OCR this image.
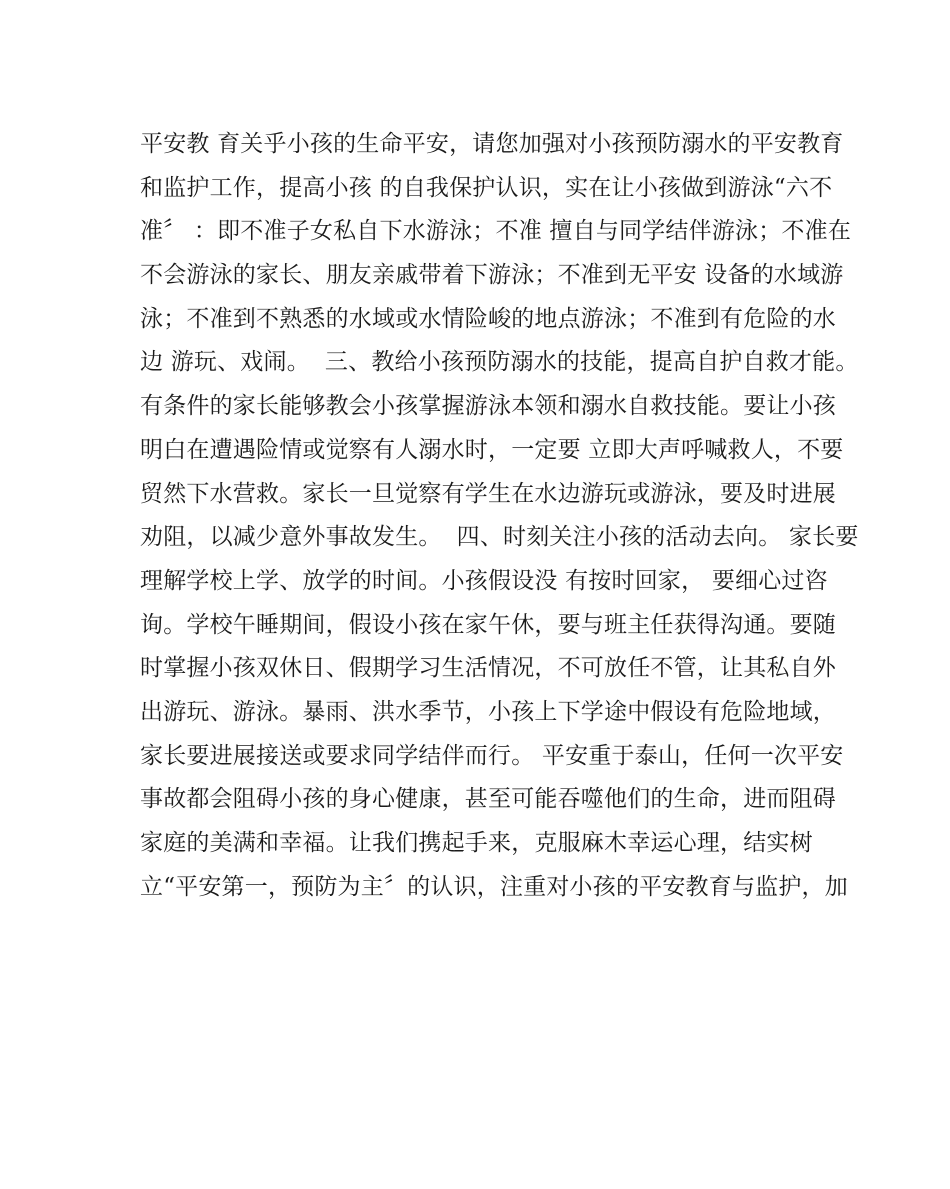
平安教 育关乎小孩的生命平安，请您加强对小孩预防溺水的平安教育
和监护工作，提高小孩 的自我保护认识，实在让小孩做到游泳“六不
准〞 ：即不准子女私自下水游泳；不准 擅自与同学结伴游泳；不准在
不会游泳的家长、朋友亲戚带着下游泳；不准到无平安 设备的水域游
泳；不准到不熟悉的水域或水情险峻的地点游泳；不准到有危险的水
边 游玩、戏闹。  三、教给小孩预防溺水的技能，提高自护自救才能。
有条件的家长能够教会小孩掌握游泳本领和溺水自救技能。要让小孩
明白在遭遇险情或觉察有人溺水时，一定要 立即大声呼喊救人，不要
贸然下水营救。家长一旦觉察有学生在水边游玩或游泳，要及时进展
劝阻，以减少意外事故发生。  四、时刻关注小孩的活动去向。 家长要
理解学校上学、放学的时间。小孩假设没 有按时回家， 要细心过咨
询。学校午睡期间，假设小孩在家午休，要与班主任获得沟通。要随
时掌握小孩双休日、假期学习生活情况，不可放任不管，让其私自外
出游玩、游泳。暴雨、洪水季节，小孩上下学途中假设有危险地域，
家长要进展接送或要求同学结伴而行。 平安重于泰山，任何一次平安
事故都会阻碍小孩的身心健康，甚至可能吞噬他们的生命，进而阻碍
家庭的美满和幸福。让我们携起手来，克服麻木幸运心理，结实树
立“平安第一，预防为主〞的认识，注重对小孩的平安教育与监护，加
